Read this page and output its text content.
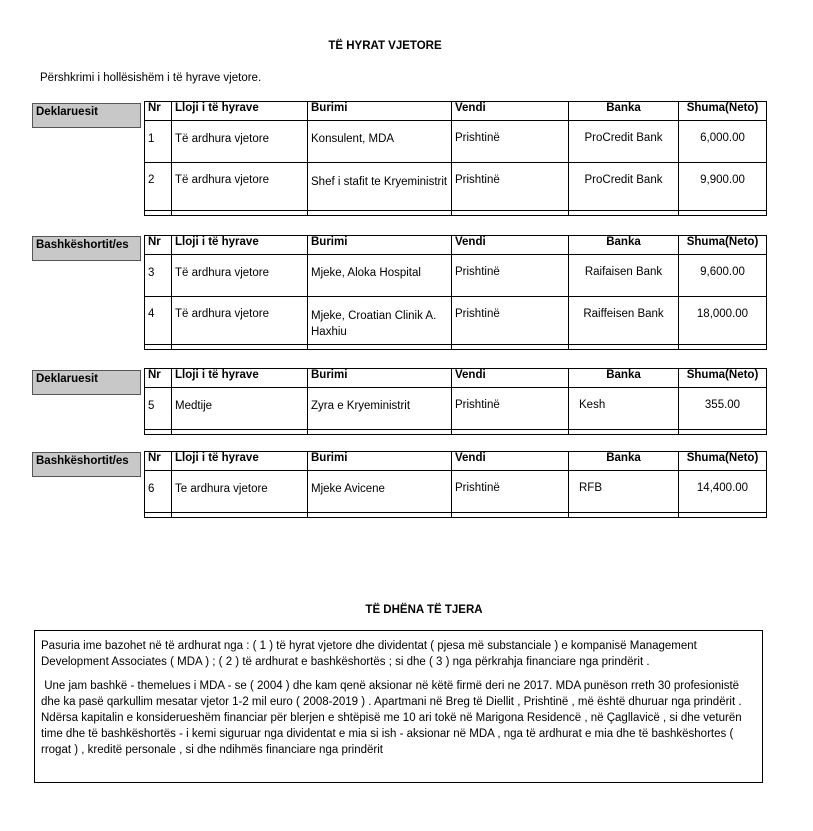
TË HYRAT VJETORE
Përshkrimi i hollësishëm i të hyrave vjetore.
Deklaruesit	Nr	Lloji i të hyrave	Burimi	Vendi	Banka	Shuma(Neto)
1	Të ardhura vjetore	Konsulent, MDA	Prishtinë	ProCredit Bank	6,000.00
2	Të ardhura vjetore	Shef i stafit te Kryeministrit	Prishtinë	ProCredit Bank	9,900.00

Bashkëshortit/es	Nr	Lloji i të hyrave	Burimi	Vendi	Banka	Shuma(Neto)
3	Të ardhura vjetore	Mjeke, Aloka Hospital	Prishtinë	Raifaisen Bank	9,600.00
4	Të ardhura vjetore	Mjeke, Croatian Clinik A. Haxhiu	Prishtinë	Raiffeisen Bank	18,000.00

Deklaruesit	Nr	Lloji i të hyrave	Burimi	Vendi	Banka	Shuma(Neto)
5	Medtije	Zyra e Kryeministrit	Prishtinë	Kesh	355.00

Bashkëshortit/es	Nr	Lloji i të hyrave	Burimi	Vendi	Banka	Shuma(Neto)
6	Te ardhura vjetore	Mjeke Avicene	Prishtinë	RFB	14,400.00

TË DHËNA TË TJERA

Pasuria ime bazohet në të ardhurat nga : ( 1 ) të hyrat vjetore dhe dividentat ( pjesa më substanciale ) e kompanisë Management Development Associates ( MDA ) ; ( 2 ) të ardhurat e bashkëshortës ; si dhe ( 3 ) nga përkrahja financiare nga prindërit .

Une jam bashkë - themelues i MDA - se ( 2004 ) dhe kam qenë aksionar në këtë firmë deri ne 2017. MDA punëson rreth 30 profesionistë dhe ka pasë qarkullim mesatar vjetor 1-2 mil euro ( 2008-2019 ) . Apartmani në Breg të Diellit , Prishtinë , më është dhuruar nga prindërit . Ndërsa kapitalin e konsiderueshëm financiar për blerjen e shtëpisë me 10 ari tokë në Marigona Residencë , në Çagllavicë , si dhe veturën time dhe të bashkëshortës - i kemi siguruar nga dividentat e mia si ish - aksionar në MDA , nga të ardhurat e mia dhe të bashkëshortes ( rrogat ) , kreditë personale , si dhe ndihmës financiare nga prindërit
